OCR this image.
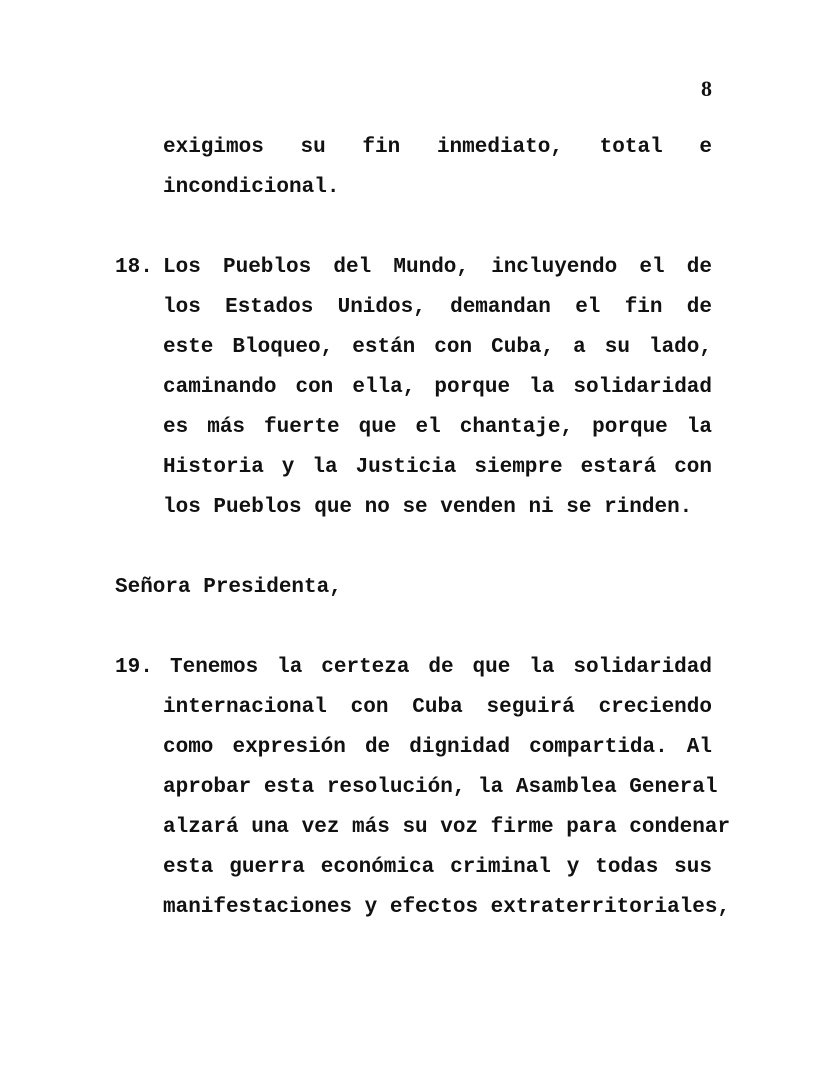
8
exigimos su fin inmediato, total e
incondicional.
18. Los Pueblos del Mundo, incluyendo el de
los Estados Unidos, demandan el fin de
este Bloqueo, están con Cuba, a su lado,
caminando con ella, porque la solidaridad
es más fuerte que el chantaje, porque la
Historia y la Justicia siempre estará con
los Pueblos que no se venden ni se rinden.
Señora Presidenta,
19. Tenemos la certeza de que la solidaridad
internacional con Cuba seguirá creciendo
como expresión de dignidad compartida. Al
aprobar esta resolución, la Asamblea General
alzará una vez más su voz firme para condenar
esta guerra económica criminal y todas sus
manifestaciones y efectos extraterritoriales,
